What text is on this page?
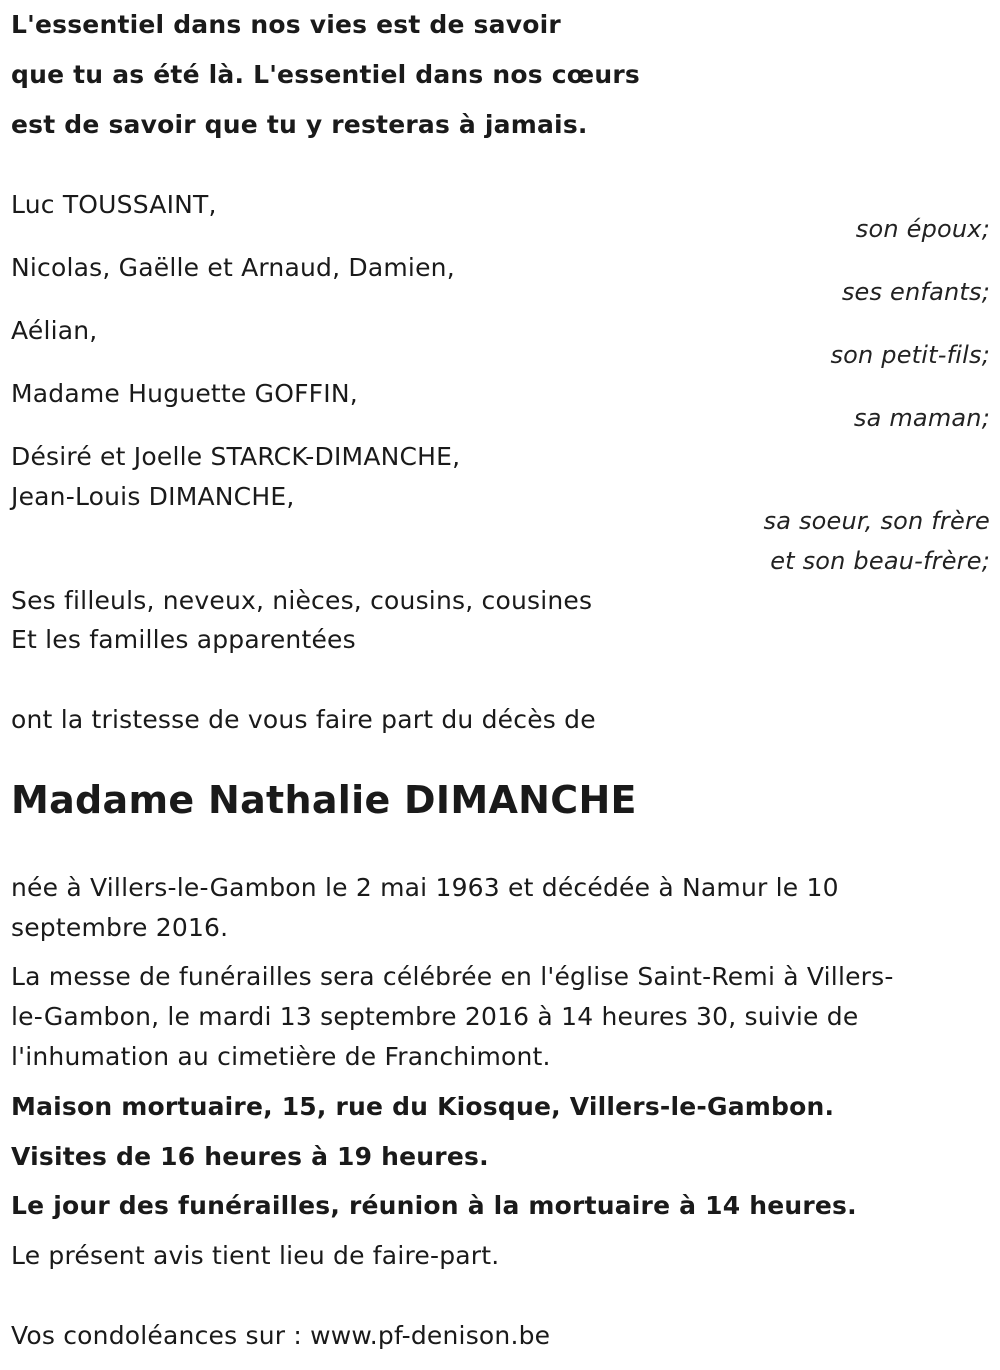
L'essentiel dans nos vies est de savoir
que tu as été là. L'essentiel dans nos cœurs
est de savoir que tu y resteras à jamais.
Luc TOUSSAINT,
son époux;
Nicolas, Gaëlle et Arnaud, Damien,
ses enfants;
Aélian,
son petit-fils;
Madame Huguette GOFFIN,
sa maman;
Désiré et Joelle STARCK-DIMANCHE,
Jean-Louis DIMANCHE,
sa soeur, son frère
et son beau-frère;
Ses filleuls, neveux, nièces, cousins, cousines
Et les familles apparentées
ont la tristesse de vous faire part du décès de
Madame Nathalie DIMANCHE
née à Villers-le-Gambon le 2 mai 1963 et décédée à Namur le 10
septembre 2016.
La messe de funérailles sera célébrée en l'église Saint-Remi à Villers-
le-Gambon, le mardi 13 septembre 2016 à 14 heures 30, suivie de
l'inhumation au cimetière de Franchimont.
Maison mortuaire, 15, rue du Kiosque, Villers-le-Gambon.
Visites de 16 heures à 19 heures.
Le jour des funérailles, réunion à la mortuaire à 14 heures.
Le présent avis tient lieu de faire-part.
Vos condoléances sur : www.pf-denison.be
